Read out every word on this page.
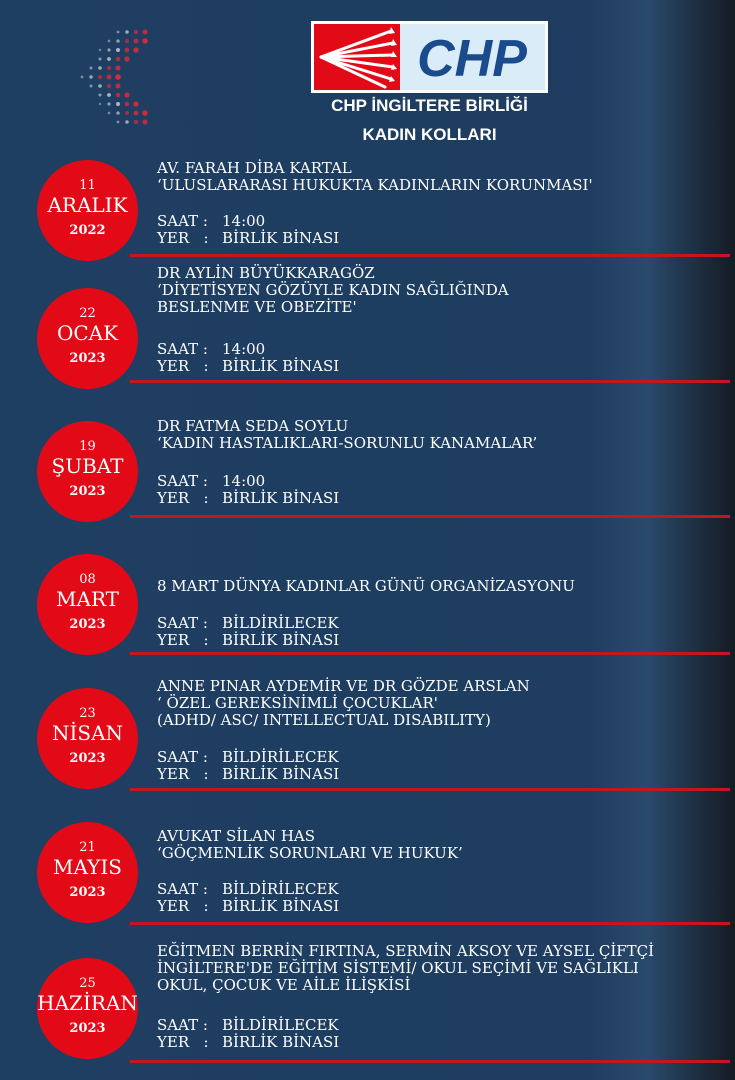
CHP
CHP İNGİLTERE BİRLİĞİ
KADIN KOLLARI
11
ARALIK
2022
AV. FARAH DİBA KARTAL
‘ULUSLARARASI HUKUKTA KADINLARIN KORUNMASI'
SAAT : 14:00
YER   : BİRLİK BİNASI
22
OCAK
2023
DR AYLİN BÜYÜKKARAGÖZ
‘DİYETİSYEN GÖZÜYLE KADIN SAĞLIĞINDA
BESLENME VE OBEZİTE'
SAAT : 14:00
YER   : BİRLİK BİNASI
19
ŞUBAT
2023
DR FATMA SEDA SOYLU
‘KADIN HASTALIKLARI-SORUNLU KANAMALAR’
SAAT : 14:00
YER   : BİRLİK BİNASI
08
MART
2023
8 MART DÜNYA KADINLAR GÜNÜ ORGANİZASYONU
SAAT : BİLDİRİLECEK
YER   : BİRLİK BİNASI
23
NİSAN
2023
ANNE PINAR AYDEMİR VE DR GÖZDE ARSLAN
‘ ÖZEL GEREKSİNİMLİ ÇOCUKLAR'
(ADHD/ ASC/ INTELLECTUAL DISABILITY)
SAAT : BİLDİRİLECEK
YER   : BİRLİK BİNASI
21
MAYIS
2023
AVUKAT SİLAN HAS
‘GÖÇMENLİK SORUNLARI VE HUKUK’
SAAT : BİLDİRİLECEK
YER   : BİRLİK BİNASI
25
HAZİRAN
2023
EĞİTMEN BERRİN FIRTINA, SERMİN AKSOY VE AYSEL ÇİFTÇİ
İNGİLTERE'DE EĞİTİM SİSTEMİ/ OKUL SEÇİMİ VE SAĞLIKLI
OKUL, ÇOCUK VE AİLE İLİŞKİSİ
SAAT : BİLDİRİLECEK
YER   : BİRLİK BİNASI
